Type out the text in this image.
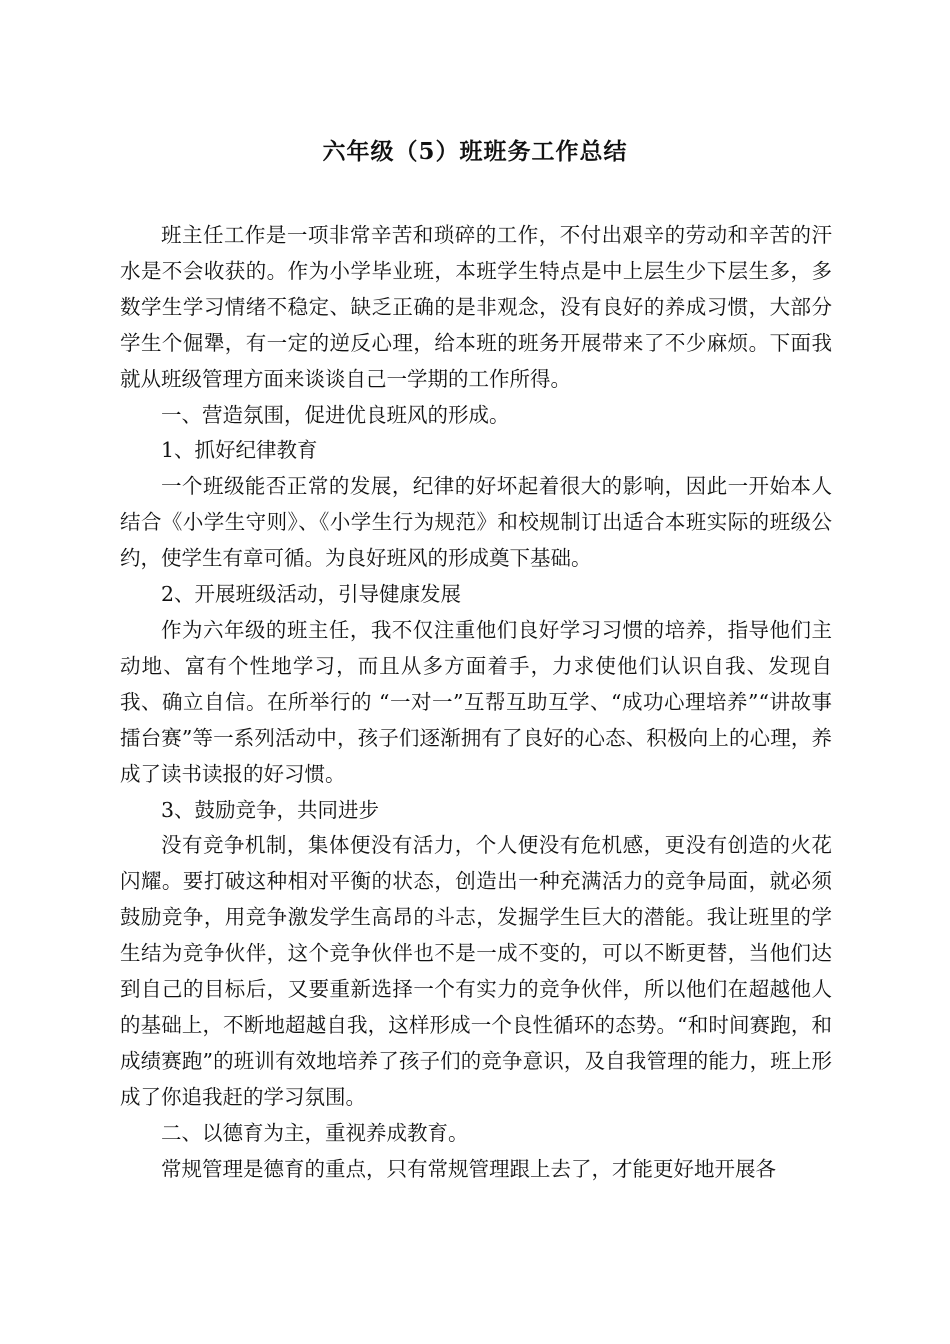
六年级（5）班班务工作总结

班主任工作是一项非常辛苦和琐碎的工作，不付出艰辛的劳动和辛苦的汗水是不会收获的。作为小学毕业班，本班学生特点是中上层生少下层生多，多数学生学习情绪不稳定、缺乏正确的是非观念，没有良好的养成习惯，大部分学生个倔犟，有一定的逆反心理，给本班的班务开展带来了不少麻烦。下面我就从班级管理方面来谈谈自己一学期的工作所得。

一、营造氛围，促进优良班风的形成。

1、抓好纪律教育

一个班级能否正常的发展，纪律的好坏起着很大的影响，因此一开始本人结合《小学生守则》、《小学生行为规范》和校规制订出适合本班实际的班级公约，使学生有章可循。为良好班风的形成奠下基础。

2、开展班级活动，引导健康发展

作为六年级的班主任，我不仅注重他们良好学习习惯的培养，指导他们主动地、富有个性地学习，而且从多方面着手，力求使他们认识自我、发现自我、确立自信。在所举行的 “一对一”互帮互助互学、“成功心理培养”“讲故事擂台赛”等一系列活动中，孩子们逐渐拥有了良好的心态、积极向上的心理，养成了读书读报的好习惯。

3、鼓励竞争，共同进步

没有竞争机制，集体便没有活力，个人便没有危机感，更没有创造的火花闪耀。要打破这种相对平衡的状态，创造出一种充满活力的竞争局面，就必须鼓励竞争，用竞争激发学生高昂的斗志，发掘学生巨大的潜能。我让班里的学生结为竞争伙伴，这个竞争伙伴也不是一成不变的，可以不断更替，当他们达到自己的目标后，又要重新选择一个有实力的竞争伙伴，所以他们在超越他人的基础上，不断地超越自我，这样形成一个良性循环的态势。“和时间赛跑，和成绩赛跑”的班训有效地培养了孩子们的竞争意识，及自我管理的能力，班上形成了你追我赶的学习氛围。

二、以德育为主，重视养成教育。

常规管理是德育的重点，只有常规管理跟上去了，才能更好地开展各
